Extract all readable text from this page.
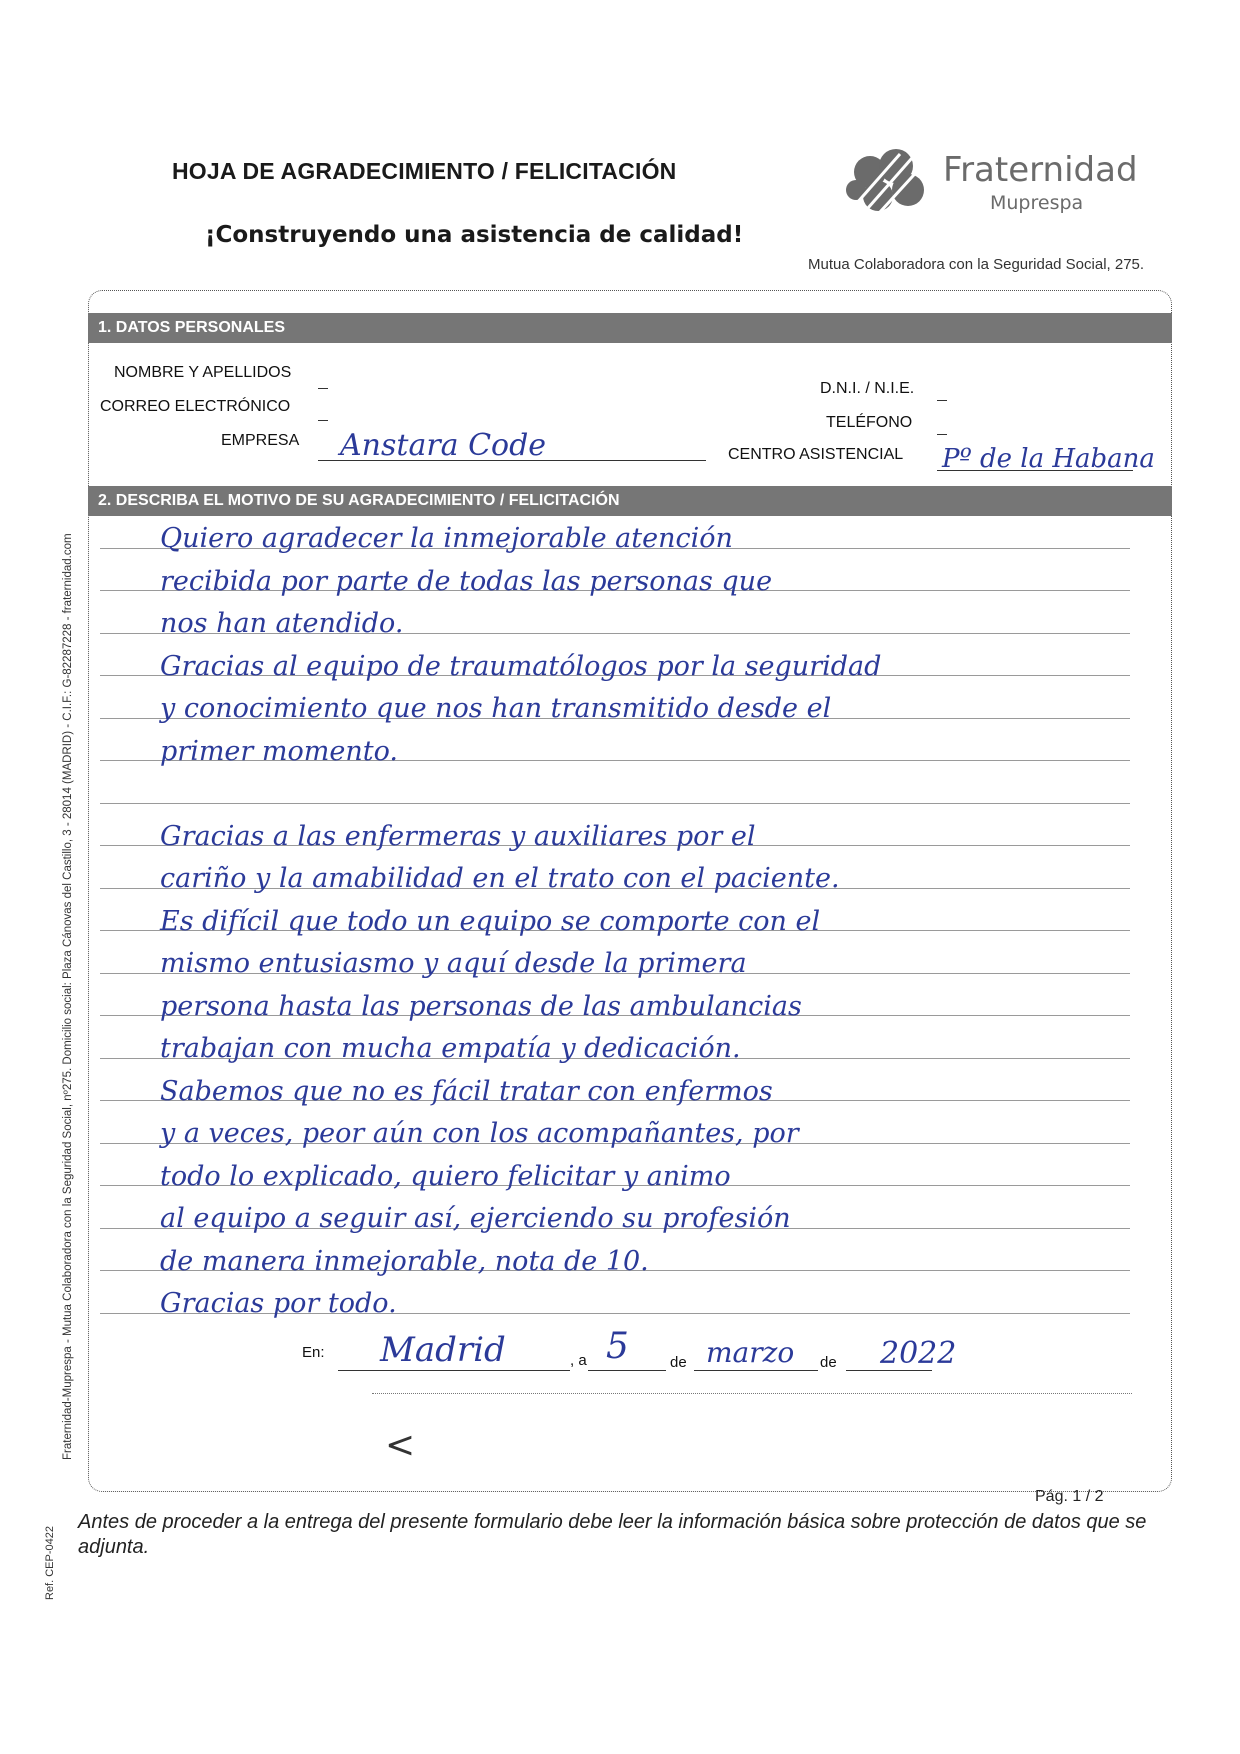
HOJA DE AGRADECIMIENTO / FELICITACIÓN
¡Construyendo una asistencia de calidad!
Fraternidad
Muprespa
Mutua Colaboradora con la Seguridad Social, 275.
1. DATOS PERSONALES
NOMBRE Y APELLIDOS
CORREO ELECTRÓNICO
EMPRESA Anstara Code
D.N.I. / N.I.E.
TELÉFONO
CENTRO ASISTENCIAL Pº de la Habana
2. DESCRIBA EL MOTIVO DE SU AGRADECIMIENTO / FELICITACIÓN

Quiero agradecer la inmejorable atención

recibida por parte de todas las personas que

nos han atendido.

Gracias al equipo de traumatólogos por la seguridad

y conocimiento que nos han transmitido desde el

primer momento.

Gracias a las enfermeras y auxiliares por el

cariño y la amabilidad en el trato con el paciente.

Es difícil que todo un equipo se comporte con el

mismo entusiasmo y aquí desde la primera

persona hasta las personas de las ambulancias

trabajan con mucha empatía y dedicación.

Sabemos que no es fácil tratar con enfermos

y a veces, peor aún con los acompañantes, por

todo lo explicado, quiero felicitar y animo

al equipo a seguir así, ejerciendo su profesión

de manera inmejorable, nota de 10.

Gracias por todo.

En: Madrid	, a 5	de marzo de 2022
<
Pág. 1 / 2
Antes de proceder a la entrega del presente formulario debe leer la información básica sobre protección de datos que se adjunta.
Fraternidad-Muprespa - Mutua Colaboradora con la Seguridad Social, nº275. Domicilio social: Plaza Cánovas del Castillo, 3 - 28014 (MADRID) - C.I.F.: G-82287228 - fraternidad.com
Ref. CEP-0422
